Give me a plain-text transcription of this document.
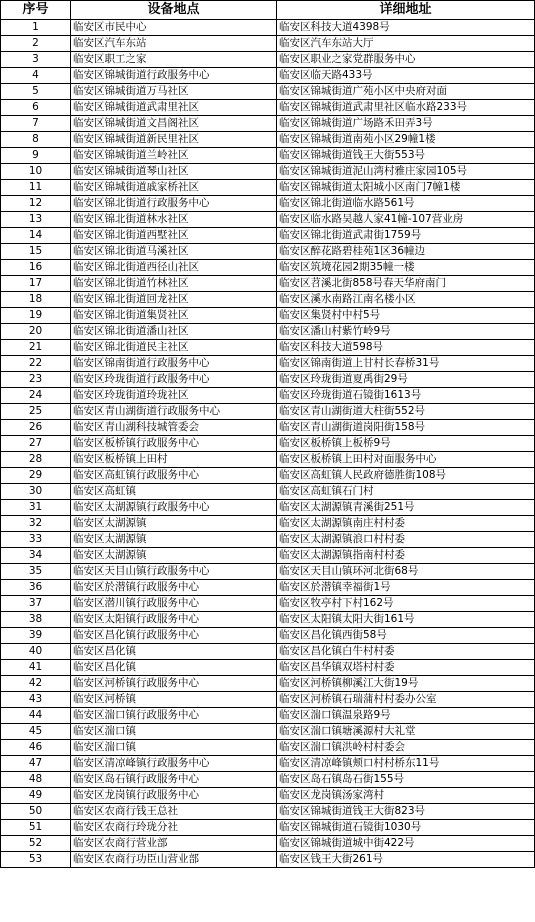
序号	设备地点	详细地址
1	临安区市民中心	临安区科技大道4398号
2	临安区汽车东站	临安区汽车东站大厅
3	临安区职工之家	临安区职业之家党群服务中心
4	临安区锦城街道行政服务中心	临安区临天路433号
5	临安区锦城街道万马社区	临安区锦城街道广苑小区中央府对面
6	临安区锦城街道武肃里社区	临安区锦城街道武肃里社区临水路233号
7	临安区锦城街道文昌阁社区	临安区锦城街道广场路禾田弄3号
8	临安区锦城街道新民里社区	临安区锦城街道南苑小区29幢1楼
9	临安区锦城街道兰岭社区	临安区锦城街道钱王大街553号
10	临安区锦城街道琴山社区	临安区锦城街道泥山湾村雅庄家园105号
11	临安区锦城街道戚家桥社区	临安区锦城街道太阳城小区南门7幢1楼
12	临安区锦北街道行政服务中心	临安区锦北街道临水路561号
13	临安区锦北街道林水社区	临安区临水路吴越人家41幢-107营业房
14	临安区锦北街道西墅社区	临安区锦北街道武肃街1759号
15	临安区锦北街道马溪社区	临安区醉花路碧桂苑1区36幢边
16	临安区锦北街道西径山社区	临安区筑境花园2期35幢一楼
17	临安区锦北街道竹林社区	临安区苕溪北街858号春天华府南门
18	临安区锦北街道回龙社区	临安区溪水南路江南名楼小区
19	临安区锦北街道集贤社区	临安区集贤村中村5号
20	临安区锦北街道潘山社区	临安区潘山村紫竹岭9号
21	临安区锦北街道民主社区	临安区科技大道598号
22	临安区锦南街道行政服务中心	临安区锦南街道上甘村长春桥31号
23	临安区玲珑街道行政服务中心	临安区玲珑街道夏禹街29号
24	临安区玲珑街道玲珑社区	临安区玲珑街道石镜街1613号
25	临安区青山湖街道行政服务中心	临安区青山湖街道大柱街552号
26	临安区青山湖科技城管委会	临安区青山湖街道岗阳街158号
27	临安区板桥镇行政服务中心	临安区板桥镇上板桥9号
28	临安区板桥镇上田村	临安区板桥镇上田村对面服务中心
29	临安区高虹镇行政服务中心	临安区高虹镇人民政府德胜街108号
30	临安区高虹镇	临安区高虹镇石门村
31	临安区太湖源镇行政服务中心	临安区太湖源镇青溪街251号
32	临安区太湖源镇	临安区太湖源镇南庄村村委
33	临安区太湖源镇	临安区太湖源镇浪口村村委
34	临安区太湖源镇	临安区太湖源镇指南村村委
35	临安区天目山镇行政服务中心	临安区天目山镇环河北街68号
36	临安区於潜镇行政服务中心	临安区於潜镇幸福街1号
37	临安区潜川镇行政服务中心	临安区牧亭村下村162号
38	临安区太阳镇行政服务中心	临安区太阳镇太阳大街161号
39	临安区昌化镇行政服务中心	临安区昌化镇西街58号
40	临安区昌化镇	临安区昌化镇白牛村村委
41	临安区昌化镇	临安区昌华镇双塔村村委
42	临安区河桥镇行政服务中心	临安区河桥镇柳溪江大街19号
43	临安区河桥镇	临安区河桥镇石瑞蒲村村委办公室
44	临安区湍口镇行政服务中心	临安区湍口镇温泉路9号
45	临安区湍口镇	临安区湍口镇塘溪源村大礼堂
46	临安区湍口镇	临安区湍口镇洪岭村村委会
47	临安区清凉峰镇行政服务中心	临安区清凉峰镇颊口村村桥东11号
48	临安区岛石镇行政服务中心	临安区岛石镇岛石街155号
49	临安区龙岗镇行政服务中心	临安区龙岗镇汤家湾村
50	临安区农商行钱王总社	临安区锦城街道钱王大街823号
51	临安区农商行玲珑分社	临安区锦城街道石镜街1030号
52	临安区农商行营业部	临安区锦城街道城中街422号
53	临安区农商行功臣山营业部	临安区钱王大街261号
